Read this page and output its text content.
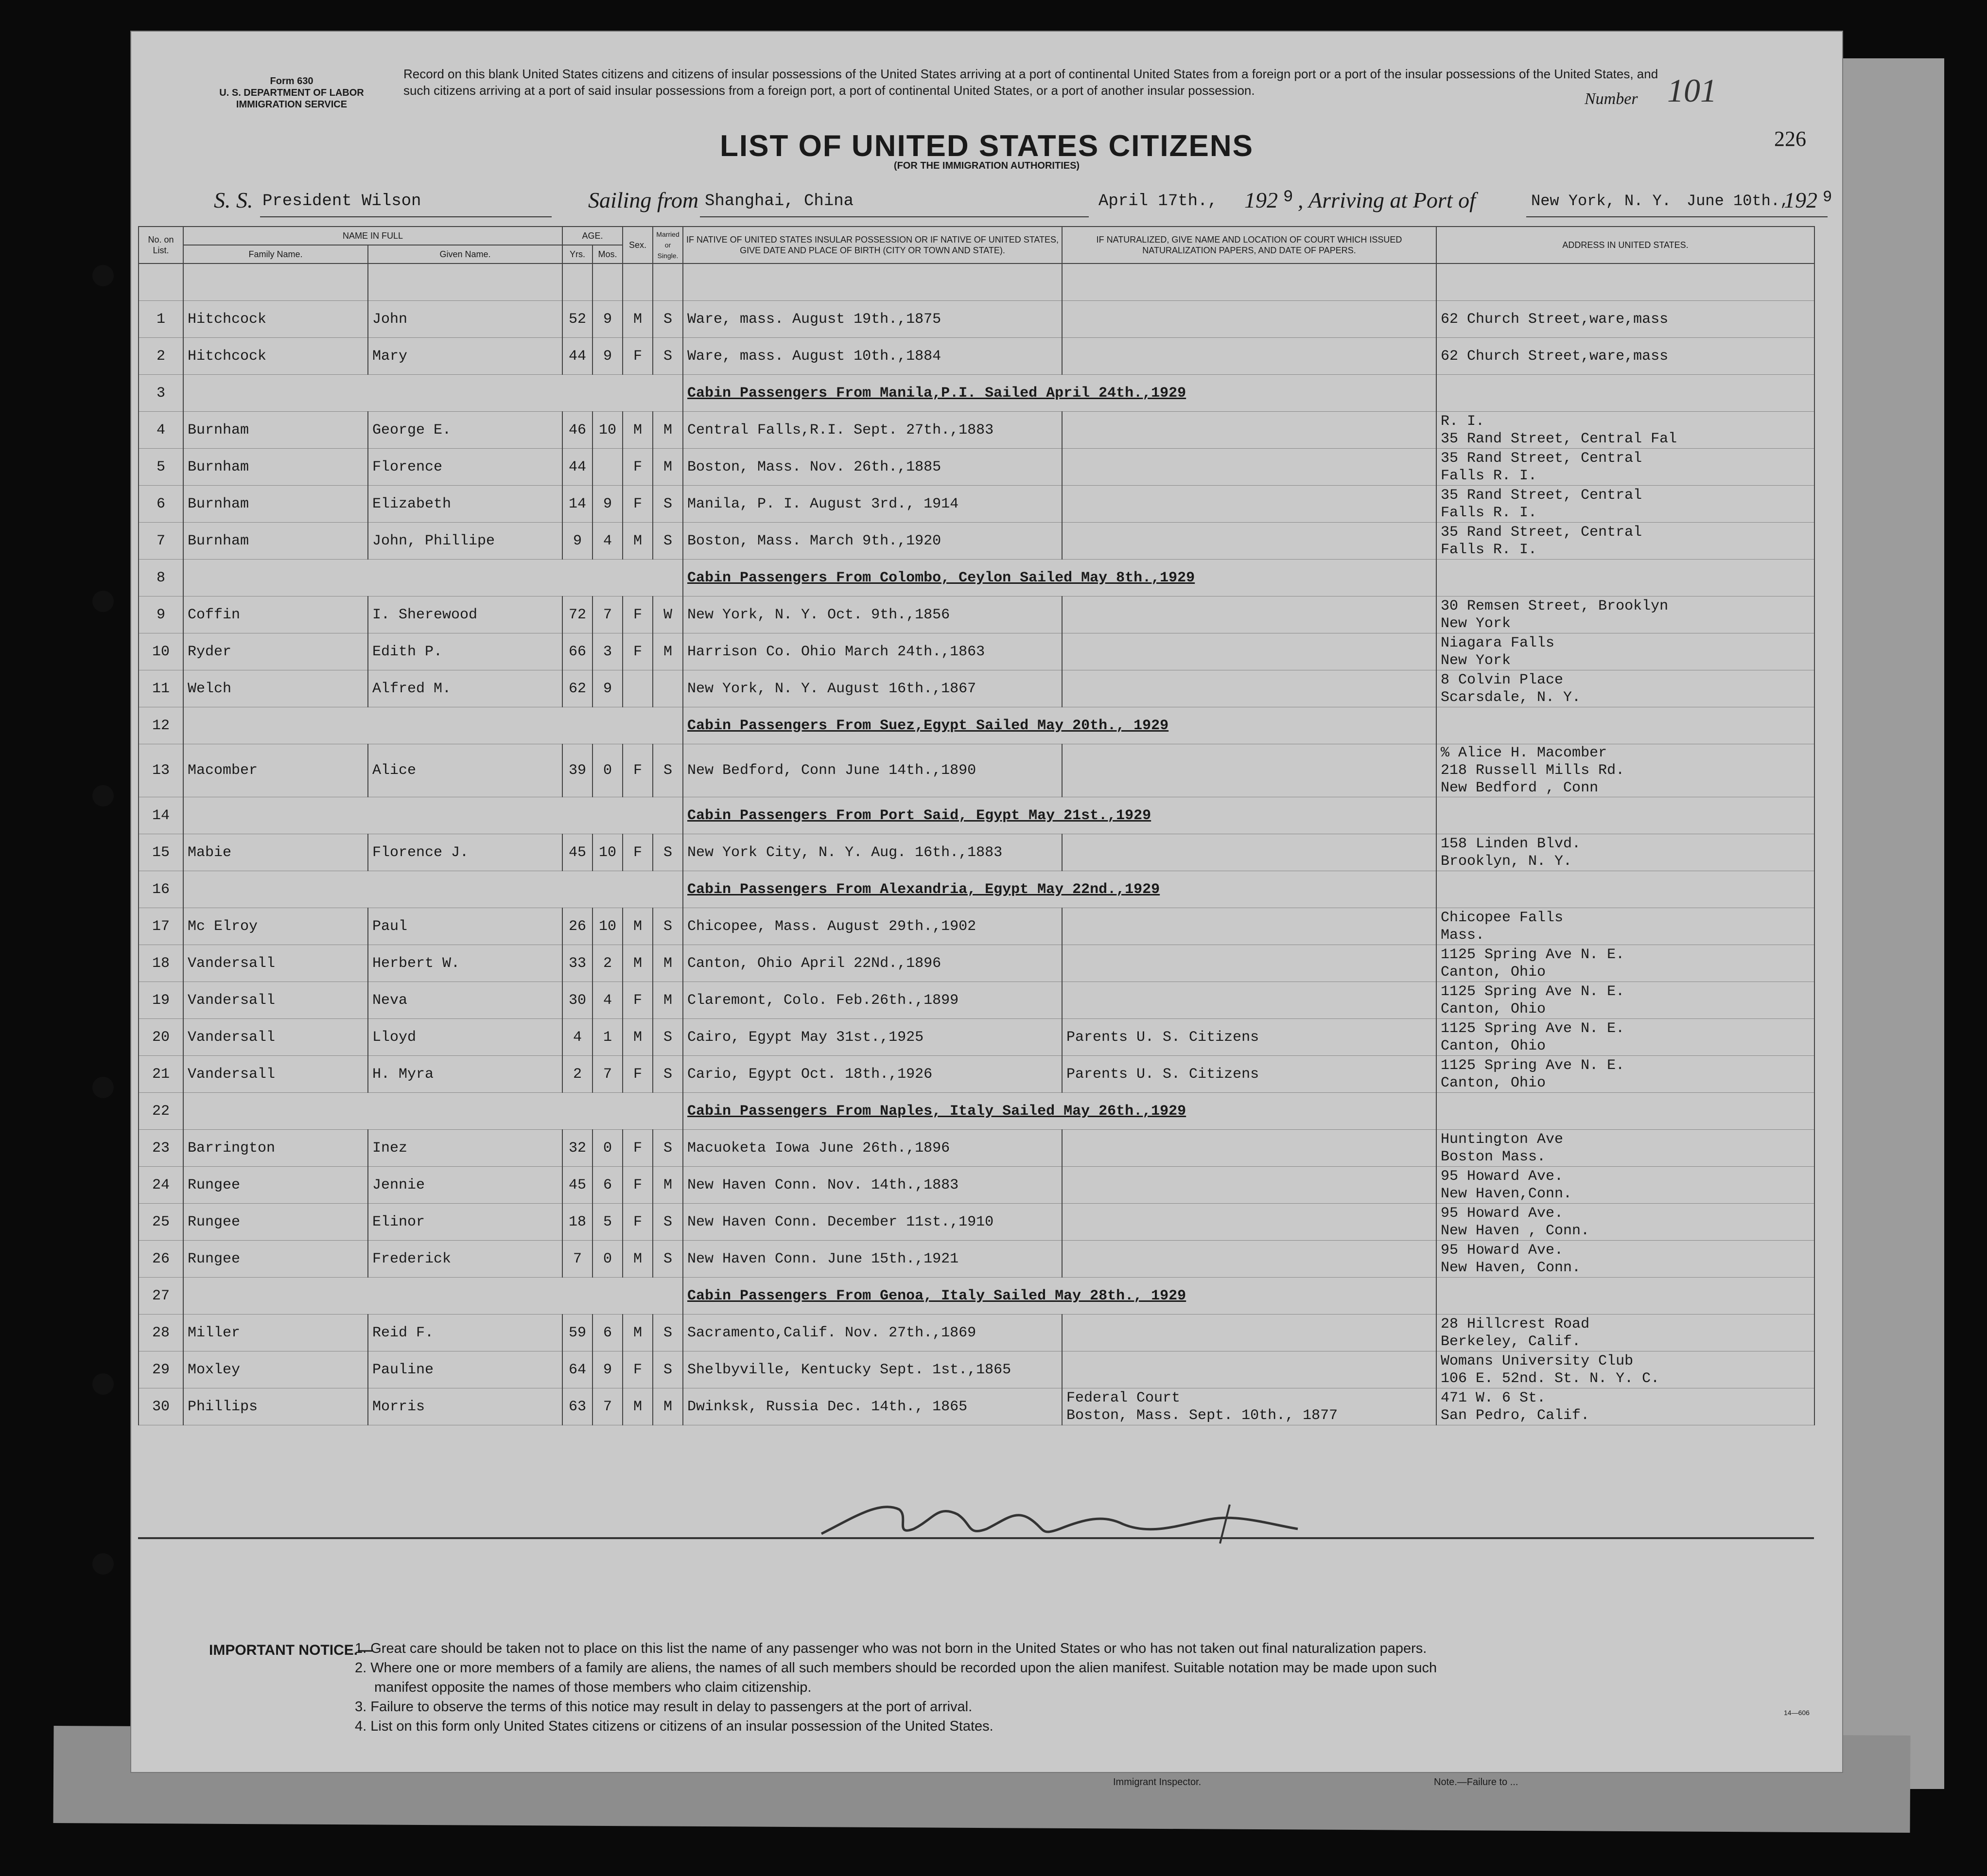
Form 630
U. S. DEPARTMENT OF LABOR
IMMIGRATION SERVICE
Record on this blank United States citizens and citizens of insular possessions of the United States arriving at a port of continental United States from a foreign port or a port of the insular possessions of the United States, and such citizens arriving at a port of said insular possessions from a foreign port, a port of continental United States, or a port of another insular possession.	Number 101
226
LIST OF UNITED STATES CITIZENS
(FOR THE IMMIGRATION AUTHORITIES)
S. S. President Wilson	Sailing from Shanghai, China	April 17th., 192 9 , Arriving at Port of	New York, N. Y. June 10th.,
192 9
No. on List.	NAME IN FULL		AGE.		Sex.	Married or Single.	IF NATIVE OF UNITED STATES INSULAR POSSESSION OR IF NATIVE OF UNITED STATES, GIVE DATE AND PLACE OF BIRTH (CITY OR TOWN AND STATE).	IF NATURALIZED, GIVE NAME AND LOCATION OF COURT WHICH ISSUED NATURALIZATION PAPERS, AND DATE OF PAPERS.	ADDRESS IN UNITED STATES.
	Family Name.	Given Name.	Yrs.	Mos.					

1	Hitchcock	John	52	9	M	S	Ware, mass. August 19th.,1875		62 Church Street,ware,mass
2	Hitchcock	Mary	44	9	F	S	Ware, mass. August 10th.,1884		62 Church Street,ware,mass
3							Cabin Passengers From Manila,P.I. Sailed April 24th.,1929		
4	Burnham	George E.	46	10	M	M	Central Falls,R.I. Sept. 27th.,1883		R. I.
35 Rand Street, Central Fal
5	Burnham	Florence	44		F	M	Boston, Mass. Nov. 26th.,1885		35 Rand Street, Central
Falls R. I.
6	Burnham	Elizabeth	14	9	F	S	Manila, P. I. August 3rd., 1914		35 Rand Street, Central
Falls R. I.
7	Burnham	John, Phillipe	9	4	M	S	Boston, Mass. March 9th.,1920		35 Rand Street, Central
Falls R. I.
8							Cabin Passengers From Colombo, Ceylon Sailed May 8th.,1929		
9	Coffin	I. Sherewood	72	7	F	W	New York, N. Y. Oct. 9th.,1856		30 Remsen Street, Brooklyn
New York
10	Ryder	Edith P.	66	3	F	M	Harrison Co. Ohio March 24th.,1863		Niagara Falls
New York
11	Welch	Alfred M.	62	9			New York, N. Y. August 16th.,1867		8 Colvin Place
Scarsdale, N. Y.
12							Cabin Passengers From Suez,Egypt Sailed May 20th., 1929		
13	Macomber	Alice	39	0	F	S	New Bedford, Conn June 14th.,1890		% Alice H. Macomber
218 Russell Mills Rd.
New Bedford , Conn
14							Cabin Passengers From Port Said, Egypt May 21st.,1929		
15	Mabie	Florence J.	45	10	F	S	New York City, N. Y. Aug. 16th.,1883		158 Linden Blvd.
Brooklyn, N. Y.
16							Cabin Passengers From Alexandria, Egypt May 22nd.,1929		
17	Mc Elroy	Paul	26	10	M	S	Chicopee, Mass. August 29th.,1902		Chicopee Falls
Mass.
18	Vandersall	Herbert W.	33	2	M	M	Canton, Ohio April 22Nd.,1896		1125 Spring Ave N. E.
Canton, Ohio
19	Vandersall	Neva	30	4	F	M	Claremont, Colo. Feb.26th.,1899		1125 Spring Ave N. E.
Canton, Ohio
20	Vandersall	Lloyd	4	1	M	S	Cairo, Egypt May 31st.,1925	Parents U. S. Citizens	1125 Spring Ave N. E.
Canton, Ohio
21	Vandersall	H. Myra	2	7	F	S	Cario, Egypt Oct. 18th.,1926	Parents U. S. Citizens	1125 Spring Ave N. E.
Canton, Ohio
22							Cabin Passengers From Naples, Italy Sailed May 26th.,1929		
23	Barrington	Inez	32	0	F	S	Macuoketa Iowa June 26th.,1896		Huntington Ave
Boston Mass.
24	Rungee	Jennie	45	6	F	M	New Haven Conn. Nov. 14th.,1883		95 Howard Ave.
New Haven,Conn.
25	Rungee	Elinor	18	5	F	S	New Haven Conn. December 11st.,1910		95 Howard Ave.
New Haven , Conn.
26	Rungee	Frederick	7	0	M	S	New Haven Conn. June 15th.,1921		95 Howard Ave.
New Haven, Conn.
27							Cabin Passengers From Genoa, Italy Sailed May 28th., 1929		
28	Miller	Reid F.	59	6	M	S	Sacramento,Calif. Nov. 27th.,1869		28 Hillcrest Road
Berkeley, Calif.
29	Moxley	Pauline	64	9	F	S	Shelbyville, Kentucky Sept. 1st.,1865		Womans University Club
106 E. 52nd. St. N. Y. C.
30	Phillips	Morris	63	7	M	M	Dwinksk, Russia Dec. 14th., 1865	Federal Court
Boston, Mass. Sept. 10th., 1877	471 W. 6 St.
San Pedro, Calif.
IMPORTANT NOTICE.—
1. Great care should be taken not to place on this list the name of any passenger who was not born in the United States or who has not taken out final naturalization papers.
2. Where one or more members of a family are aliens, the names of all such members should be recorded upon the alien manifest. Suitable notation may be made upon such
manifest opposite the names of those members who claim citizenship.
3. Failure to observe the terms of this notice may result in delay to passengers at the port of arrival.
4. List on this form only United States citizens or citizens of an insular possession of the United States.
14—606
Immigrant Inspector.	Note.—Failure to ...
